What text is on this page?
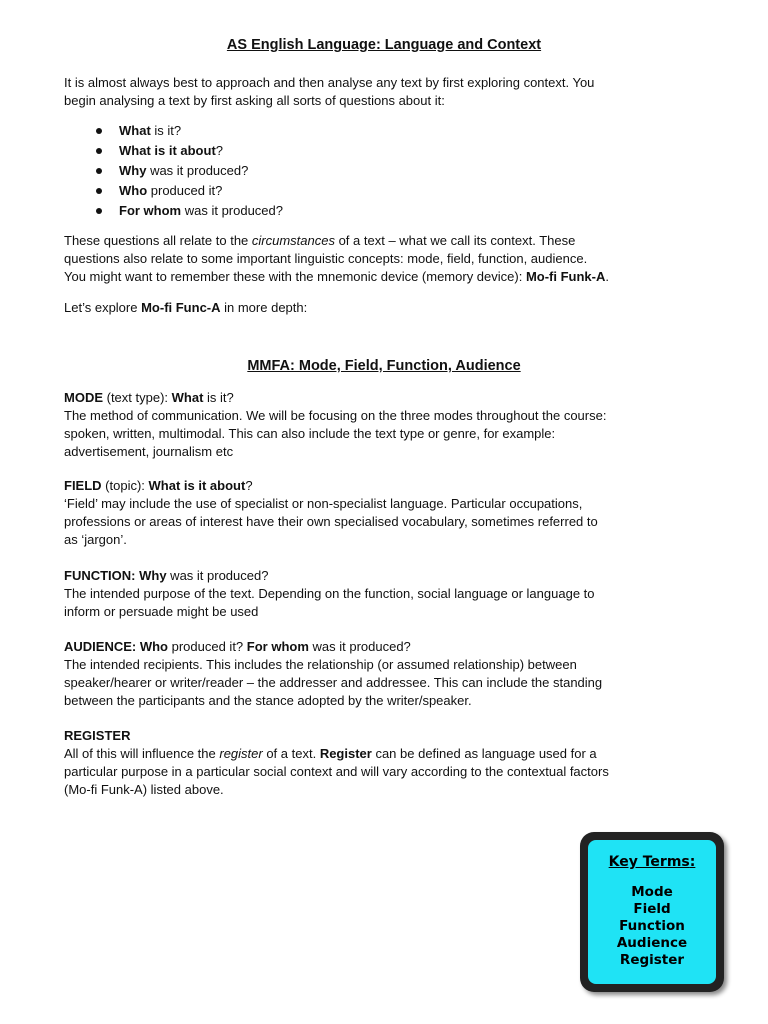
AS English Language: Language and Context

It is almost always best to approach and then analyse any text by first exploring context. You

begin analysing a text by first asking all sorts of questions about it:

What is it?
What is it about?
Why was it produced?
Who produced it?
For whom was it produced?

These questions all relate to the circumstances of a text – what we call its context. These

questions also relate to some important linguistic concepts: mode, field, function, audience.

You might want to remember these with the mnemonic device (memory device): Mo-fi Funk-A.

Let’s explore Mo-fi Func-A in more depth:

MMFA: Mode, Field, Function, Audience

MODE (text type): What is it?

The method of communication. We will be focusing on the three modes throughout the course:

spoken, written, multimodal. This can also include the text type or genre, for example:

advertisement, journalism etc

FIELD (topic): What is it about?

‘Field’ may include the use of specialist or non-specialist language. Particular occupations,

professions or areas of interest have their own specialised vocabulary, sometimes referred to

as ‘jargon’.

FUNCTION: Why was it produced?

The intended purpose of the text. Depending on the function, social language or language to

inform or persuade might be used

AUDIENCE: Who produced it? For whom was it produced?

The intended recipients. This includes the relationship (or assumed relationship) between

speaker/hearer or writer/reader – the addresser and addressee. This can include the standing

between the participants and the stance adopted by the writer/speaker.

REGISTER

All of this will influence the register of a text. Register can be defined as language used for a

particular purpose in a particular social context and will vary according to the contextual factors

(Mo-fi Funk-A) listed above.

Key Terms:
Mode
Field
Function
Audience
Register
